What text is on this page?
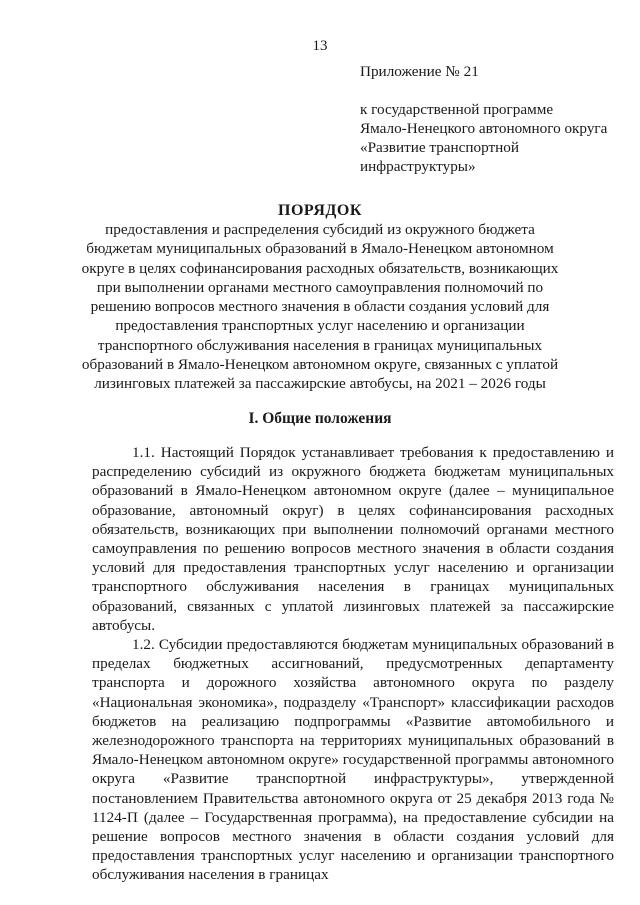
13
Приложение № 21
к государственной программе
Ямало-Ненецкого автономного округа
«Развитие транспортной
инфраструктуры»
ПОРЯДОК
предоставления и распределения субсидий из окружного бюджета бюджетам муниципальных образований в Ямало-Ненецком автономном округе в целях софинансирования расходных обязательств, возникающих при выполнении органами местного самоуправления полномочий по решению вопросов местного значения в области создания условий для предоставления транспортных услуг населению и организации транспортного обслуживания населения в границах муниципальных образований в Ямало-Ненецком автономном округе, связанных с уплатой лизинговых платежей за пассажирские автобусы, на 2021 – 2026 годы
I. Общие положения

1.1. Настоящий Порядок устанавливает требования к предоставлению и распределению субсидий из окружного бюджета бюджетам муниципальных образований в Ямало-Ненецком автономном округе (далее – муниципальное образование, автономный округ) в целях софинансирования расходных обязательств, возникающих при выполнении полномочий органами местного самоуправления по решению вопросов местного значения в области создания условий для предоставления транспортных услуг населению и организации транспортного обслуживания населения в границах муниципальных образований, связанных с уплатой лизинговых платежей за пассажирские автобусы.

1.2. Субсидии предоставляются бюджетам муниципальных образований в пределах бюджетных ассигнований, предусмотренных департаменту транспорта и дорожного хозяйства автономного округа по разделу «Национальная экономика», подразделу «Транспорт» классификации расходов бюджетов на реализацию подпрограммы «Развитие автомобильного и железнодорожного транспорта на территориях муниципальных образований в Ямало-Ненецком автономном округе» государственной программы автономного округа «Развитие транспортной инфраструктуры», утвержденной постановлением Правительства автономного округа от 25 декабря 2013 года № 1124-П (далее – Государственная программа), на предоставление субсидии на решение вопросов местного значения в области создания условий для предоставления транспортных услуг населению и организации транспортного обслуживания населения в границах
